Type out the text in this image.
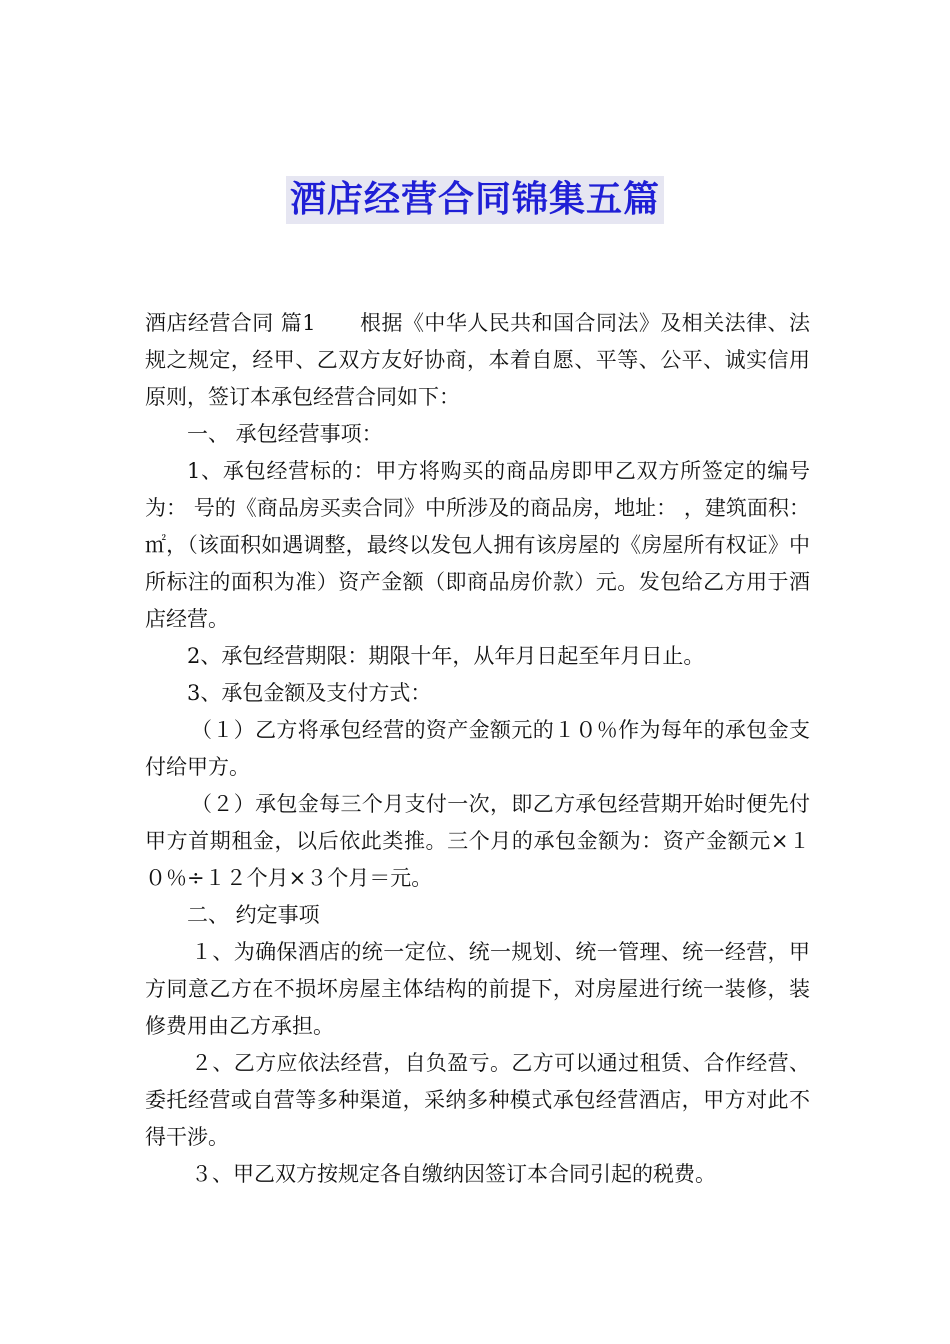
酒店经营合同锦集五篇

酒店经营合同 篇1 根据《中华人民共和国合同法》及相关法律、法规之规定，经甲、乙双方友好协商，本着自愿、平等、公平、诚实信用原则，签订本承包经营合同如下：

一、 承包经营事项：

1、承包经营标的：甲方将购买的商品房即甲乙双方所签定的编号为： 号的《商品房买卖合同》中所涉及的商品房，地址： ，建筑面积：㎡，（该面积如遇调整，最终以发包人拥有该房屋的《房屋所有权证》中所标注的面积为准）资产金额（即商品房价款）元。发包给乙方用于酒店经营。

2、承包经营期限：期限十年，从年月日起至年月日止。

3、承包金额及支付方式：

（１）乙方将承包经营的资产金额元的１０％作为每年的承包金支付给甲方。

（２）承包金每三个月支付一次，即乙方承包经营期开始时便先付甲方首期租金，以后依此类推。三个月的承包金额为：资产金额元×１０％÷１２个月×３个月＝元。

二、 约定事项

１、为确保酒店的统一定位、统一规划、统一管理、统一经营，甲方同意乙方在不损坏房屋主体结构的前提下，对房屋进行统一装修，装修费用由乙方承担。

２、乙方应依法经营，自负盈亏。乙方可以通过租赁、合作经营、委托经营或自营等多种渠道，采纳多种模式承包经营酒店，甲方对此不得干涉。

３、甲乙双方按规定各自缴纳因签订本合同引起的税费。
